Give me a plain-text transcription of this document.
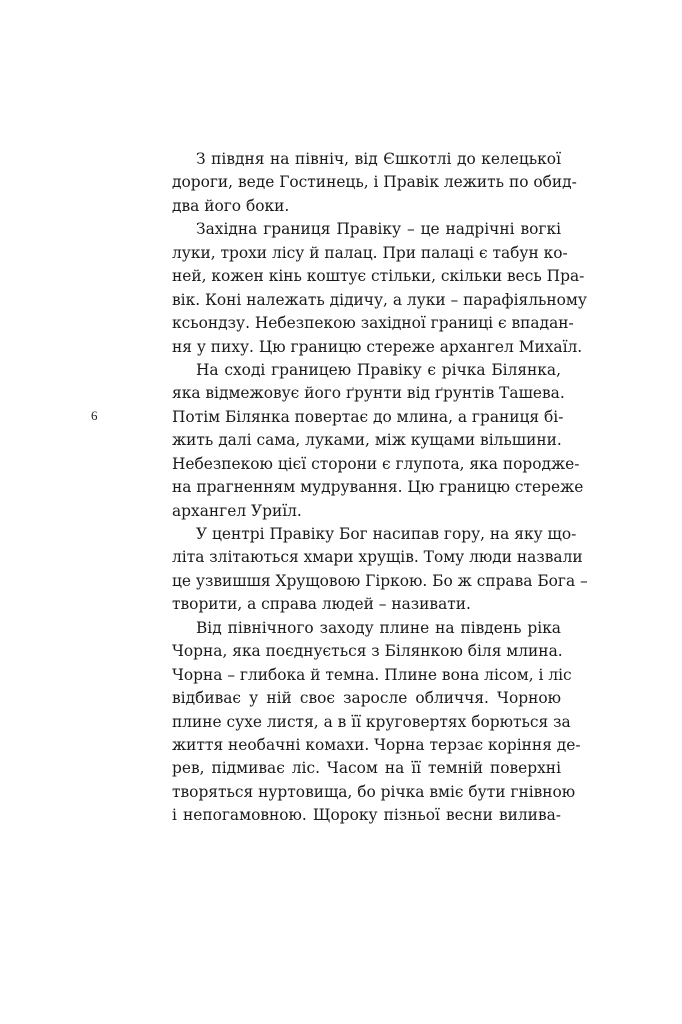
6
З півдня на північ, від Єшкотлі до келецької
дороги, веде Гостинець, і Правік лежить по обид-
два його боки.
Західна границя Правіку – це надрічні вогкі
луки, трохи лісу й палац. При палаці є табун ко-
ней, кожен кінь коштує стільки, скільки весь Пра-
вік. Коні належать дідичу, а луки – парафіяльному
ксьондзу. Небезпекою західної границі є впадан-
ня у пиху. Цю границю стереже архангел Михаїл.
На сході границею Правіку є річка Білянка,
яка відмежовує його ґрунти від ґрунтів Ташева.
Потім Білянка повертає до млина, а границя бі-
жить далі сама, луками, між кущами вільшини.
Небезпекою цієї сторони є глупота, яка породже-
на прагненням мудрування. Цю границю стереже
архангел Уриїл.
У центрі Правіку Бог насипав гору, на яку що-
літа злітаються хмари хрущів. Тому люди назвали
це узвишшя Хрущовою Гіркою. Бо ж справа Бога –
творити, а справа людей – називати.
Від північного заходу плине на південь ріка
Чорна, яка поєднується з Білянкою біля млина.
Чорна – глибока й темна. Плине вона лісом, і ліс
відбиває у ній своє заросле обличчя. Чорною
плине сухе листя, а в її круговертях борються за
життя необачні комахи. Чорна терзає коріння де-
рев, підмиває ліс. Часом на її темній поверхні
творяться нуртовища, бо річка вміє бути гнівною
і непогамовною. Щороку пізньої весни вилива-
